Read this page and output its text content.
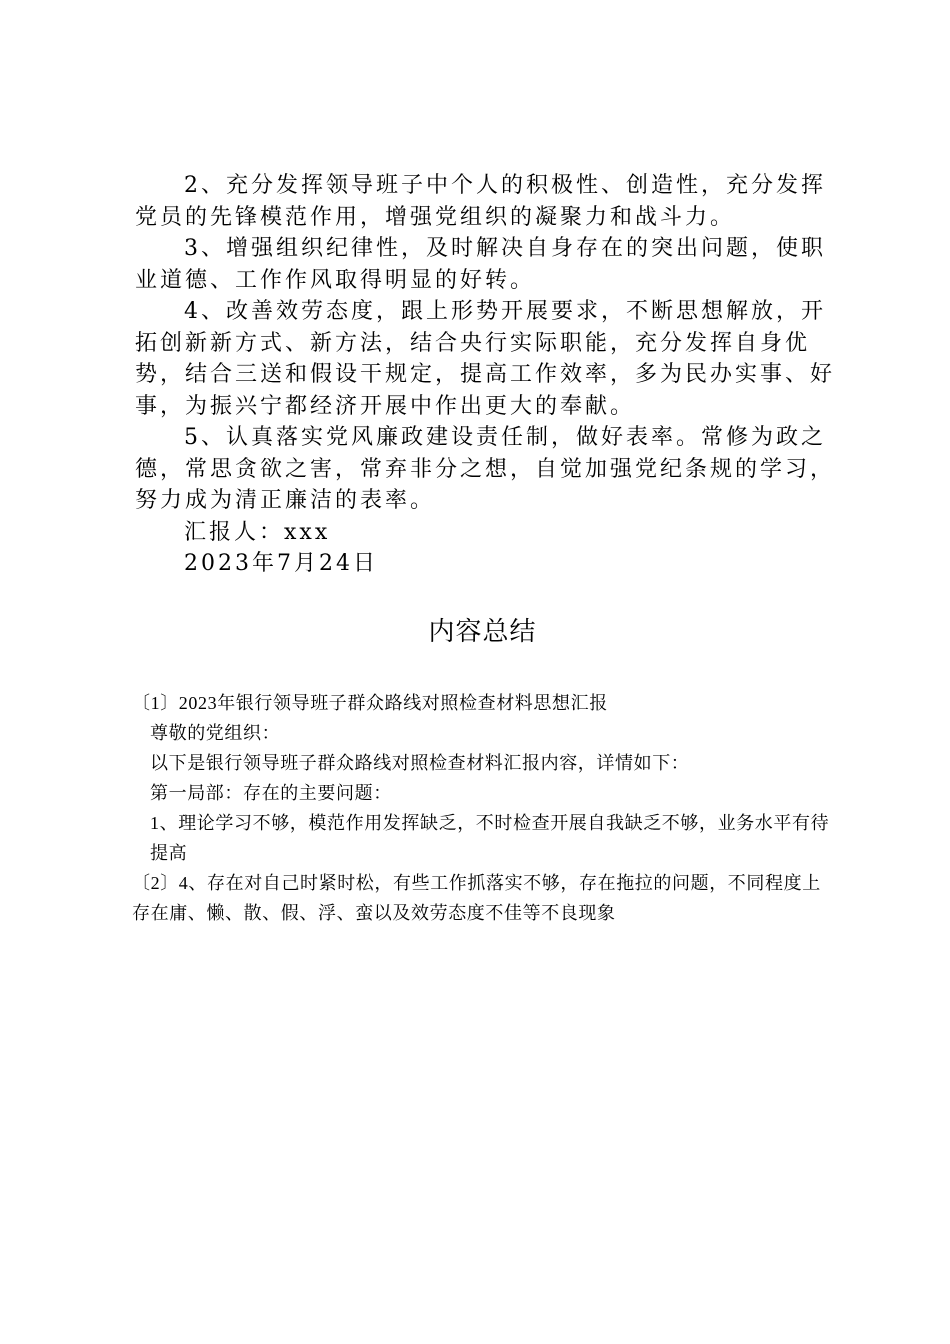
2、充分发挥领导班子中个人的积极性、创造性，充分发挥党员的先锋模范作用，增强党组织的凝聚力和战斗力。

3、增强组织纪律性，及时解决自身存在的突出问题，使职业道德、工作作风取得明显的好转。

4、改善效劳态度，跟上形势开展要求，不断思想解放，开拓创新新方式、新方法，结合央行实际职能，充分发挥自身优势，结合三送和假设干规定，提高工作效率，多为民办实事、好事，为振兴宁都经济开展中作出更大的奉献。

5、认真落实党风廉政建设责任制，做好表率。常修为政之德，常思贪欲之害，常弃非分之想，自觉加强党纪条规的学习，努力成为清正廉洁的表率。

汇报人：xxx

2023年7月24日

内容总结

〔1〕2023年银行领导班子群众路线对照检查材料思想汇报

尊敬的党组织：

以下是银行领导班子群众路线对照检查材料汇报内容，详情如下：

第一局部：存在的主要问题：

1、理论学习不够，模范作用发挥缺乏，不时检查开展自我缺乏不够，业务水平有待提高

〔2〕4、存在对自己时紧时松，有些工作抓落实不够，存在拖拉的问题，不同程度上存在庸、懒、散、假、浮、蛮以及效劳态度不佳等不良现象
